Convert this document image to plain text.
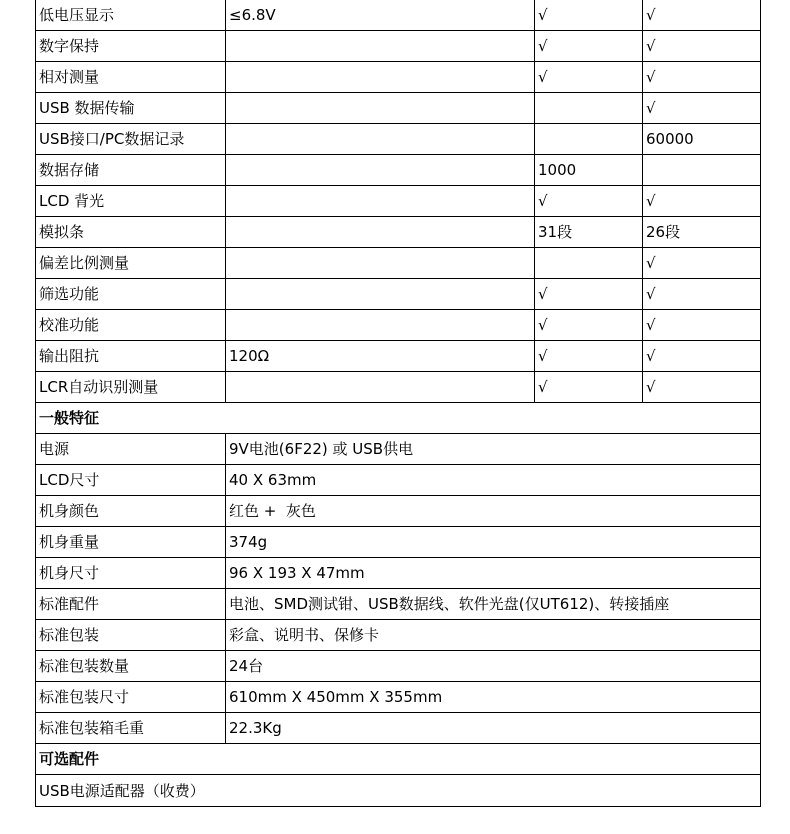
低电压显示	≤6.8V	√	√
数字保持		√	√
相对测量		√	√
USB 数据传输			√
USB接口/PC数据记录			60000
数据存储		1000	
LCD 背光		√	√
模拟条		31段	26段
偏差比例测量			√
筛选功能		√	√
校准功能		√	√
输出阻抗	120Ω	√	√
LCR自动识别测量		√	√
一般特征			
电源	9V电池(6F22) 或 USB供电		
LCD尺寸	40 X 63mm		
机身颜色	红色 +  灰色		
机身重量	374g		
机身尺寸	96 X 193 X 47mm		
标准配件	电池、SMD测试钳、USB数据线、软件光盘(仅UT612)、转接插座		
标准包装	彩盒、说明书、保修卡		
标准包装数量	24台		
标准包装尺寸	610mm X 450mm X 355mm		
标准包装箱毛重	22.3Kg		
可选配件			
USB电源适配器（收费）			
